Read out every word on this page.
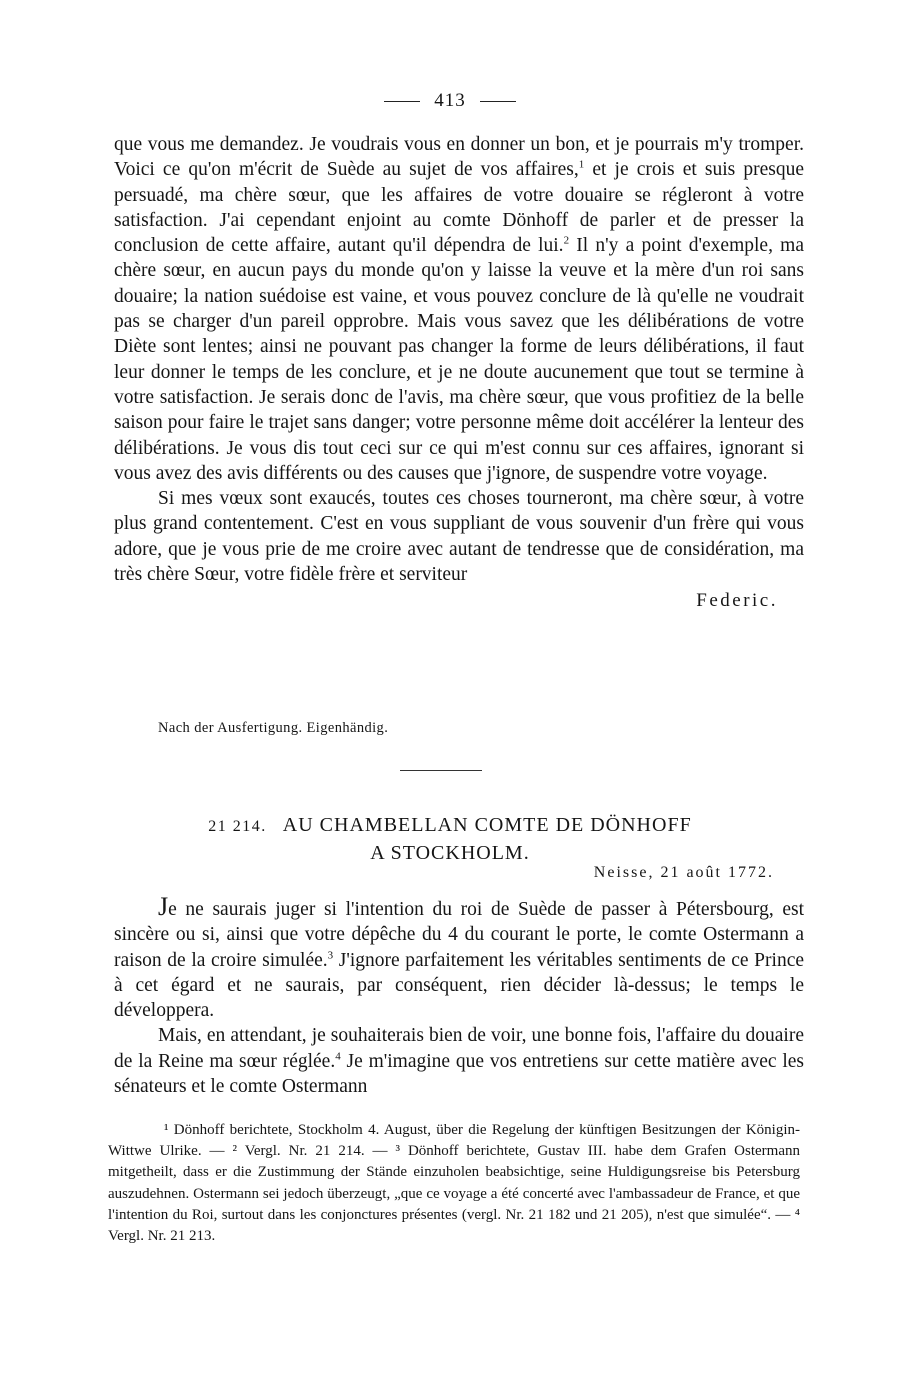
413

que vous me demandez. Je voudrais vous en donner un bon, et je pourrais m'y tromper. Voici ce qu'on m'écrit de Suède au sujet de vos affaires,$^1$ et je crois et suis presque persuadé, ma chère sœur, que les affaires de votre douaire se régleront à votre satisfaction. J'ai cependant enjoint au comte Dönhoff de parler et de presser la conclusion de cette affaire, autant qu'il dépendra de lui.$^2$ Il n'y a point d'exemple, ma chère sœur, en aucun pays du monde qu'on y laisse la veuve et la mère d'un roi sans douaire; la nation suédoise est vaine, et vous pouvez conclure de là qu'elle ne voudrait pas se charger d'un pareil opprobre. Mais vous savez que les délibérations de votre Diète sont lentes; ainsi ne pouvant pas changer la forme de leurs délibérations, il faut leur donner le temps de les conclure, et je ne doute aucunement que tout se termine à votre satisfaction. Je serais donc de l'avis, ma chère sœur, que vous profitiez de la belle saison pour faire le trajet sans danger; votre personne même doit accélérer la lenteur des délibérations. Je vous dis tout ceci sur ce qui m'est connu sur ces affaires, ignorant si vous avez des avis différents ou des causes que j'ignore, de suspendre votre voyage.

Si mes vœux sont exaucés, toutes ces choses tourneront, ma chère sœur, à votre plus grand contentement. C'est en vous suppliant de vous souvenir d'un frère qui vous adore, que je vous prie de me croire avec autant de tendresse que de considération, ma très chère Sœur, votre fidèle frère et serviteur

Federic.
Nach der Ausfertigung. Eigenhändig.
21 214. AU CHAMBELLAN COMTE DE DÖNHOFF
A STOCKHOLM.
Neisse, 21 août 1772.

Je ne saurais juger si l'intention du roi de Suède de passer à Pétersbourg, est sincère ou si, ainsi que votre dépêche du 4 du courant le porte, le comte Ostermann a raison de la croire simulée.$^3$ J'ignore parfaitement les véritables sentiments de ce Prince à cet égard et ne saurais, par conséquent, rien décider là-dessus; le temps le développera.

Mais, en attendant, je souhaiterais bien de voir, une bonne fois, l'affaire du douaire de la Reine ma sœur réglée.$^4$ Je m'imagine que vos entretiens sur cette matière avec les sénateurs et le comte Ostermann

¹ Dönhoff berichtete, Stockholm 4. August, über die Regelung der künftigen Besitzungen der Königin-Wittwe Ulrike. — ² Vergl. Nr. 21 214. — ³ Dönhoff berichtete, Gustav III. habe dem Grafen Ostermann mitgetheilt, dass er die Zustimmung der Stände einzuholen beabsichtige, seine Huldigungsreise bis Petersburg auszudehnen. Ostermann sei jedoch überzeugt, „que ce voyage a été concerté avec l'ambassadeur de France, et que l'intention du Roi, surtout dans les conjonctures présentes (vergl. Nr. 21 182 und 21 205), n'est que simulée“. — ⁴ Vergl. Nr. 21 213.
